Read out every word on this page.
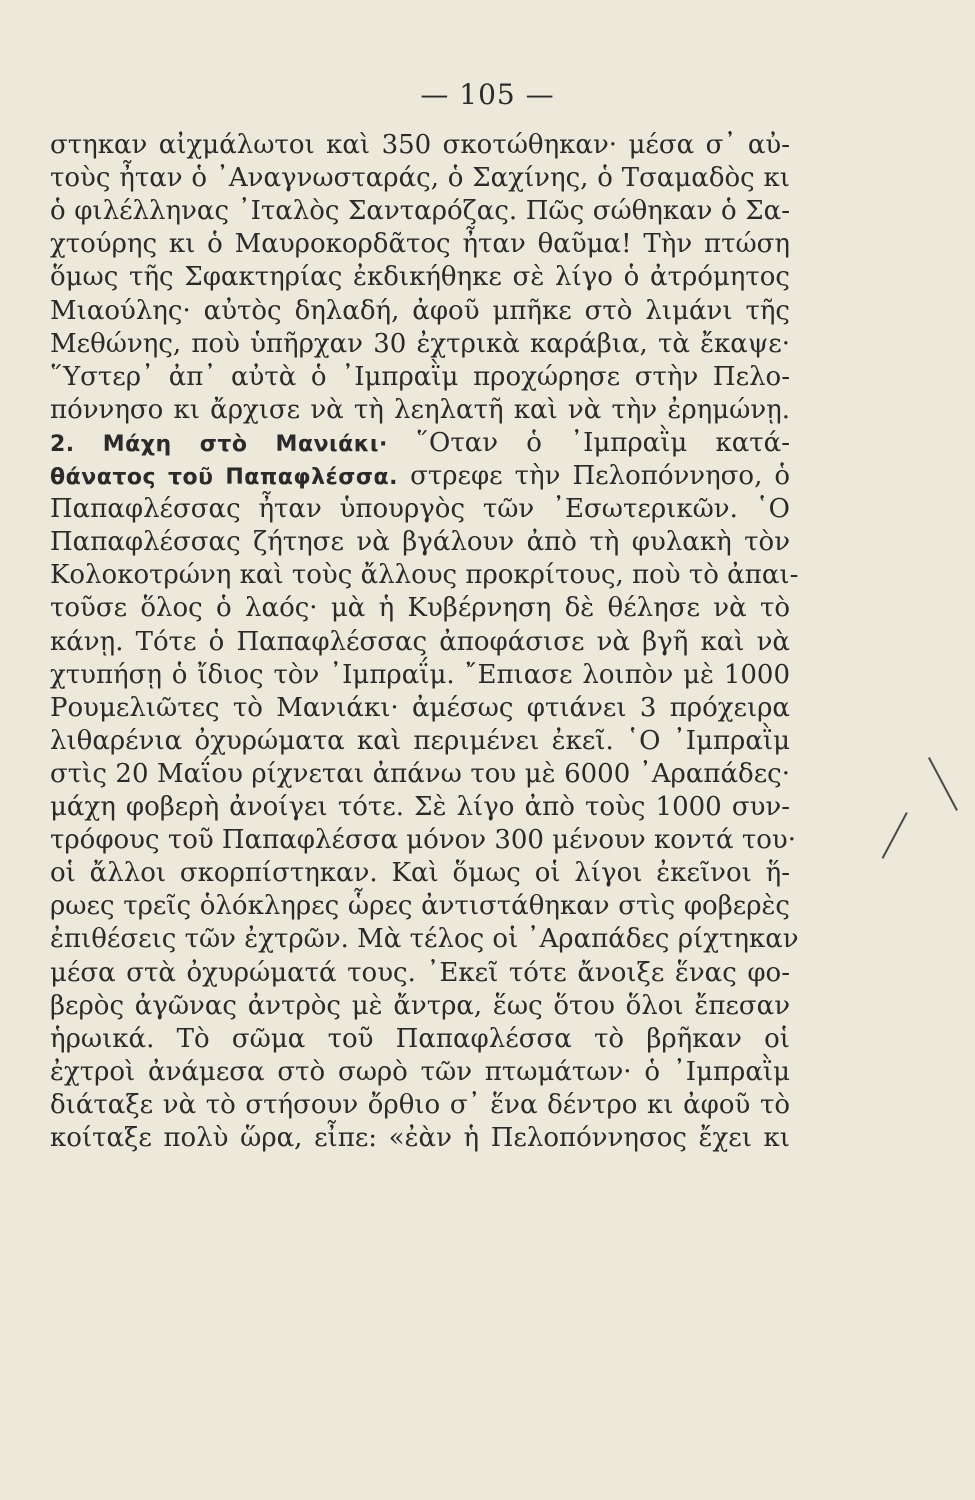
— 105 —
στηκαν αἰχμάλωτοι καὶ 350 σκοτώθηκαν· μέσα σ᾿ αὐ-
τοὺς ἦταν ὁ ᾿Αναγνωσταράς, ὁ Σαχίνης, ὁ Τσαμαδὸς κι
ὁ φιλέλληνας ᾿Ιταλὸς Σανταρόζας. Πῶς σώθηκαν ὁ Σα-
χτούρης κι ὁ Μαυροκορδᾶτος ἦταν θαῦμα! Τὴν πτώση
ὅμως τῆς Σφακτηρίας ἐκδικήθηκε σὲ λίγο ὁ ἀτρόμητος
Μιαούλης· αὐτὸς δηλαδή, ἀφοῦ μπῆκε στὸ λιμάνι τῆς
Μεθώνης, ποὺ ὑπῆρχαν 30 ἐχτρικὰ καράβια, τὰ ἔκαψε·
῞Υστερ᾿ ἀπ᾿ αὐτὰ ὁ ᾿Ιμπραῒμ προχώρησε στὴν Πελο-
πόννησο κι ἄρχισε νὰ τὴ λεηλατῆ καὶ νὰ τὴν ἐρημώνῃ.
2. Μάχη στὸ Μανιάκι· ῞Οταν ὁ ᾿Ιμπραῒμ κατά-
θάνατος τοῦ Παπαφλέσσα. στρεφε τὴν Πελοπόννησο, ὁ
Παπαφλέσσας ἦταν ὑπουργὸς τῶν ᾿Εσωτερικῶν. ῾Ο
Παπαφλέσσας ζήτησε νὰ βγάλουν ἀπὸ τὴ φυλακὴ τὸν
Κολοκοτρώνη καὶ τοὺς ἄλλους προκρίτους, ποὺ τὸ ἀπαι-
τοῦσε ὅλος ὁ λαός· μὰ ἡ Κυβέρνηση δὲ θέλησε νὰ τὸ
κάνῃ. Τότε ὁ Παπαφλέσσας ἀποφάσισε νὰ βγῆ καὶ νὰ
χτυπήσῃ ὁ ἴδιος τὸν ᾿Ιμπραΐμ. ῎Επιασε λοιπὸν μὲ 1000
Ρουμελιῶτες τὸ Μανιάκι· ἀμέσως φτιάνει 3 πρόχειρα
λιθαρένια ὀχυρώματα καὶ περιμένει ἐκεῖ. ῾Ο ᾿Ιμπραῒμ
στὶς 20 Μαΐου ρίχνεται ἀπάνω του μὲ 6000 ᾿Αραπάδες·
μάχη φοβερὴ ἀνοίγει τότε. Σὲ λίγο ἀπὸ τοὺς 1000 συν-
τρόφους τοῦ Παπαφλέσσα μόνον 300 μένουν κοντά του·
οἱ ἄλλοι σκορπίστηκαν. Καὶ ὅμως οἱ λίγοι ἐκεῖνοι ἥ-
ρωες τρεῖς ὁλόκληρες ὧρες ἀντιστάθηκαν στὶς φοβερὲς
ἐπιθέσεις τῶν ἐχτρῶν. Μὰ τέλος οἱ ᾿Αραπάδες ρίχτηκαν
μέσα στὰ ὀχυρώματά τους. ᾿Εκεῖ τότε ἄνοιξε ἕνας φο-
βερὸς ἀγῶνας ἀντρὸς μὲ ἄντρα, ἕως ὅτου ὅλοι ἔπεσαν
ἡρωικά. Τὸ σῶμα τοῦ Παπαφλέσσα τὸ βρῆκαν οἱ
ἐχτροὶ ἀνάμεσα στὸ σωρὸ τῶν πτωμάτων· ὁ ᾿Ιμπραῒμ
διάταξε νὰ τὸ στήσουν ὄρθιο σ᾿ ἕνα δέντρο κι ἀφοῦ τὸ
κοίταξε πολὺ ὥρα, εἶπε: «ἐὰν ἡ Πελοπόννησος ἔχει κι
